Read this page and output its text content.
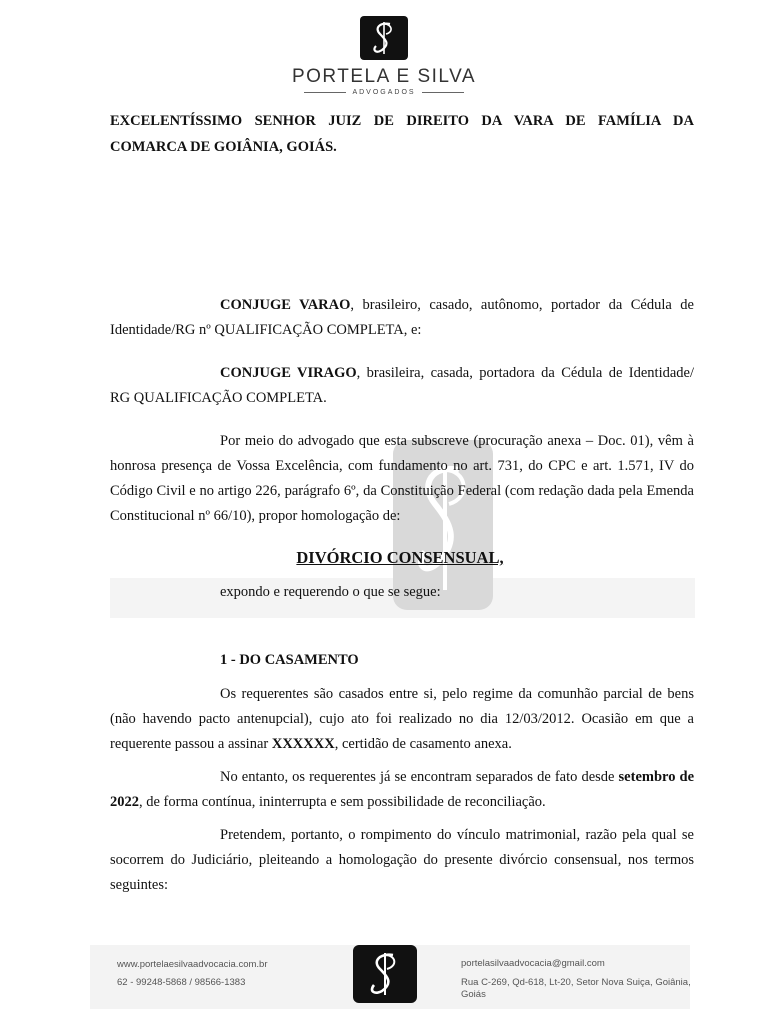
PORTELA E SILVA
ADVOGADOS
EXCELENTÍSSIMO SENHOR JUIZ DE DIREITO DA VARA DE FAMÍLIA DA COMARCA DE GOIÂNIA, GOIÁS.

CONJUGE VARAO, brasileiro, casado, autônomo, portador da Cédula de Identidade/RG nº QUALIFICAÇÃO COMPLETA, e:

CONJUGE VIRAGO, brasileira, casada, portadora da Cédula de Identidade/ RG QUALIFICAÇÃO COMPLETA.

Por meio do advogado que esta subscreve (procuração anexa – Doc. 01), vêm à honrosa presença de Vossa Excelência, com fundamento no art. 731, do CPC e art. 1.571, IV do Código Civil e no artigo 226, parágrafo 6º, da Constituição Federal (com redação dada pela Emenda Constitucional nº 66/10), propor homologação de:

DIVÓRCIO CONSENSUAL,
expondo e requerendo o que se segue:
1 - DO CASAMENTO

Os requerentes são casados entre si, pelo regime da comunhão parcial de bens (não havendo pacto antenupcial), cujo ato foi realizado no dia 12/03/2012. Ocasião em que a requerente passou a assinar XXXXXX, certidão de casamento anexa.

No entanto, os requerentes já se encontram separados de fato desde setembro de 2022, de forma contínua, ininterrupta e sem possibilidade de reconciliação.

Pretendem, portanto, o rompimento do vínculo matrimonial, razão pela qual se socorrem do Judiciário, pleiteando a homologação do presente divórcio consensual, nos termos seguintes:

www.portelaesilvaadvocacia.com.br
62 - 99248-5868 / 98566-1383
portelasilvaadvocacia@gmail.com
Rua C-269, Qd-618, Lt-20, Setor Nova Suiça, Goiânia, Goiás
